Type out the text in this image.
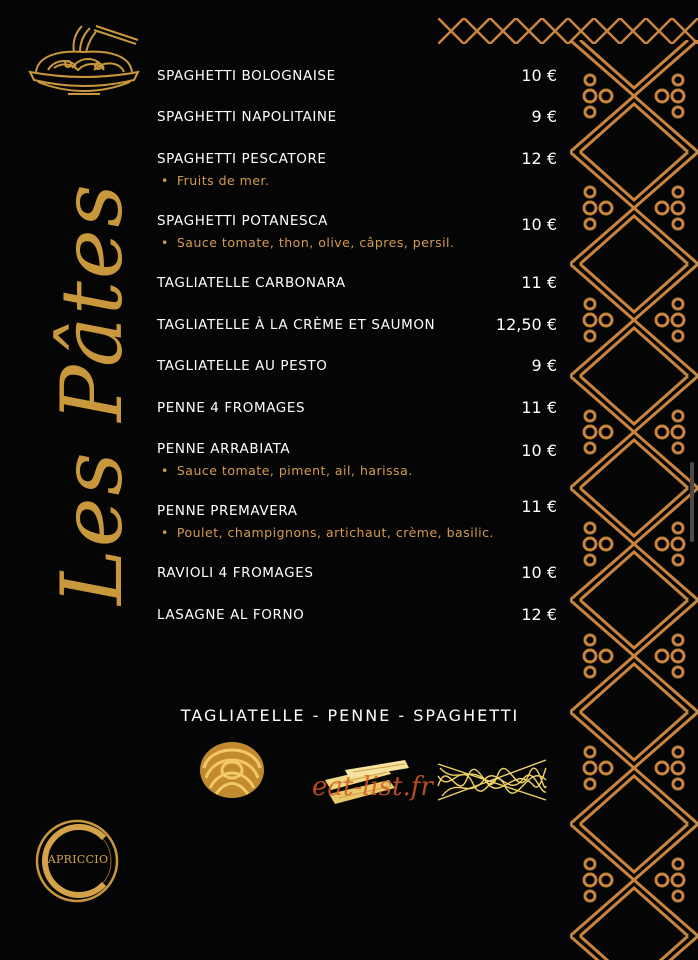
Les Pâtes
SPAGHETTI BOLOGNAISE	10 €
SPAGHETTI NAPOLITAINE	9 €
SPAGHETTI PESCATORE	12 €
• Fruits de mer.
SPAGHETTI POTANESCA	10 €
• Sauce tomate, thon, olive, câpres, persil.
TAGLIATELLE CARBONARA	11 €
TAGLIATELLE À LA CRÈME ET SAUMON	12,50 €
TAGLIATELLE AU PESTO	9 €
PENNE 4 FROMAGES	11 €
PENNE ARRABIATA	10 €
• Sauce tomate, piment, ail, harissa.
PENNE PREMAVERA	11 €
• Poulet, champignons, artichaut, crème, basilic.
RAVIOLI 4 FROMAGES	10 €
LASAGNE AL FORNO	12 €
TAGLIATELLE - PENNE - SPAGHETTI
eat-list.fr
APRICCIO
